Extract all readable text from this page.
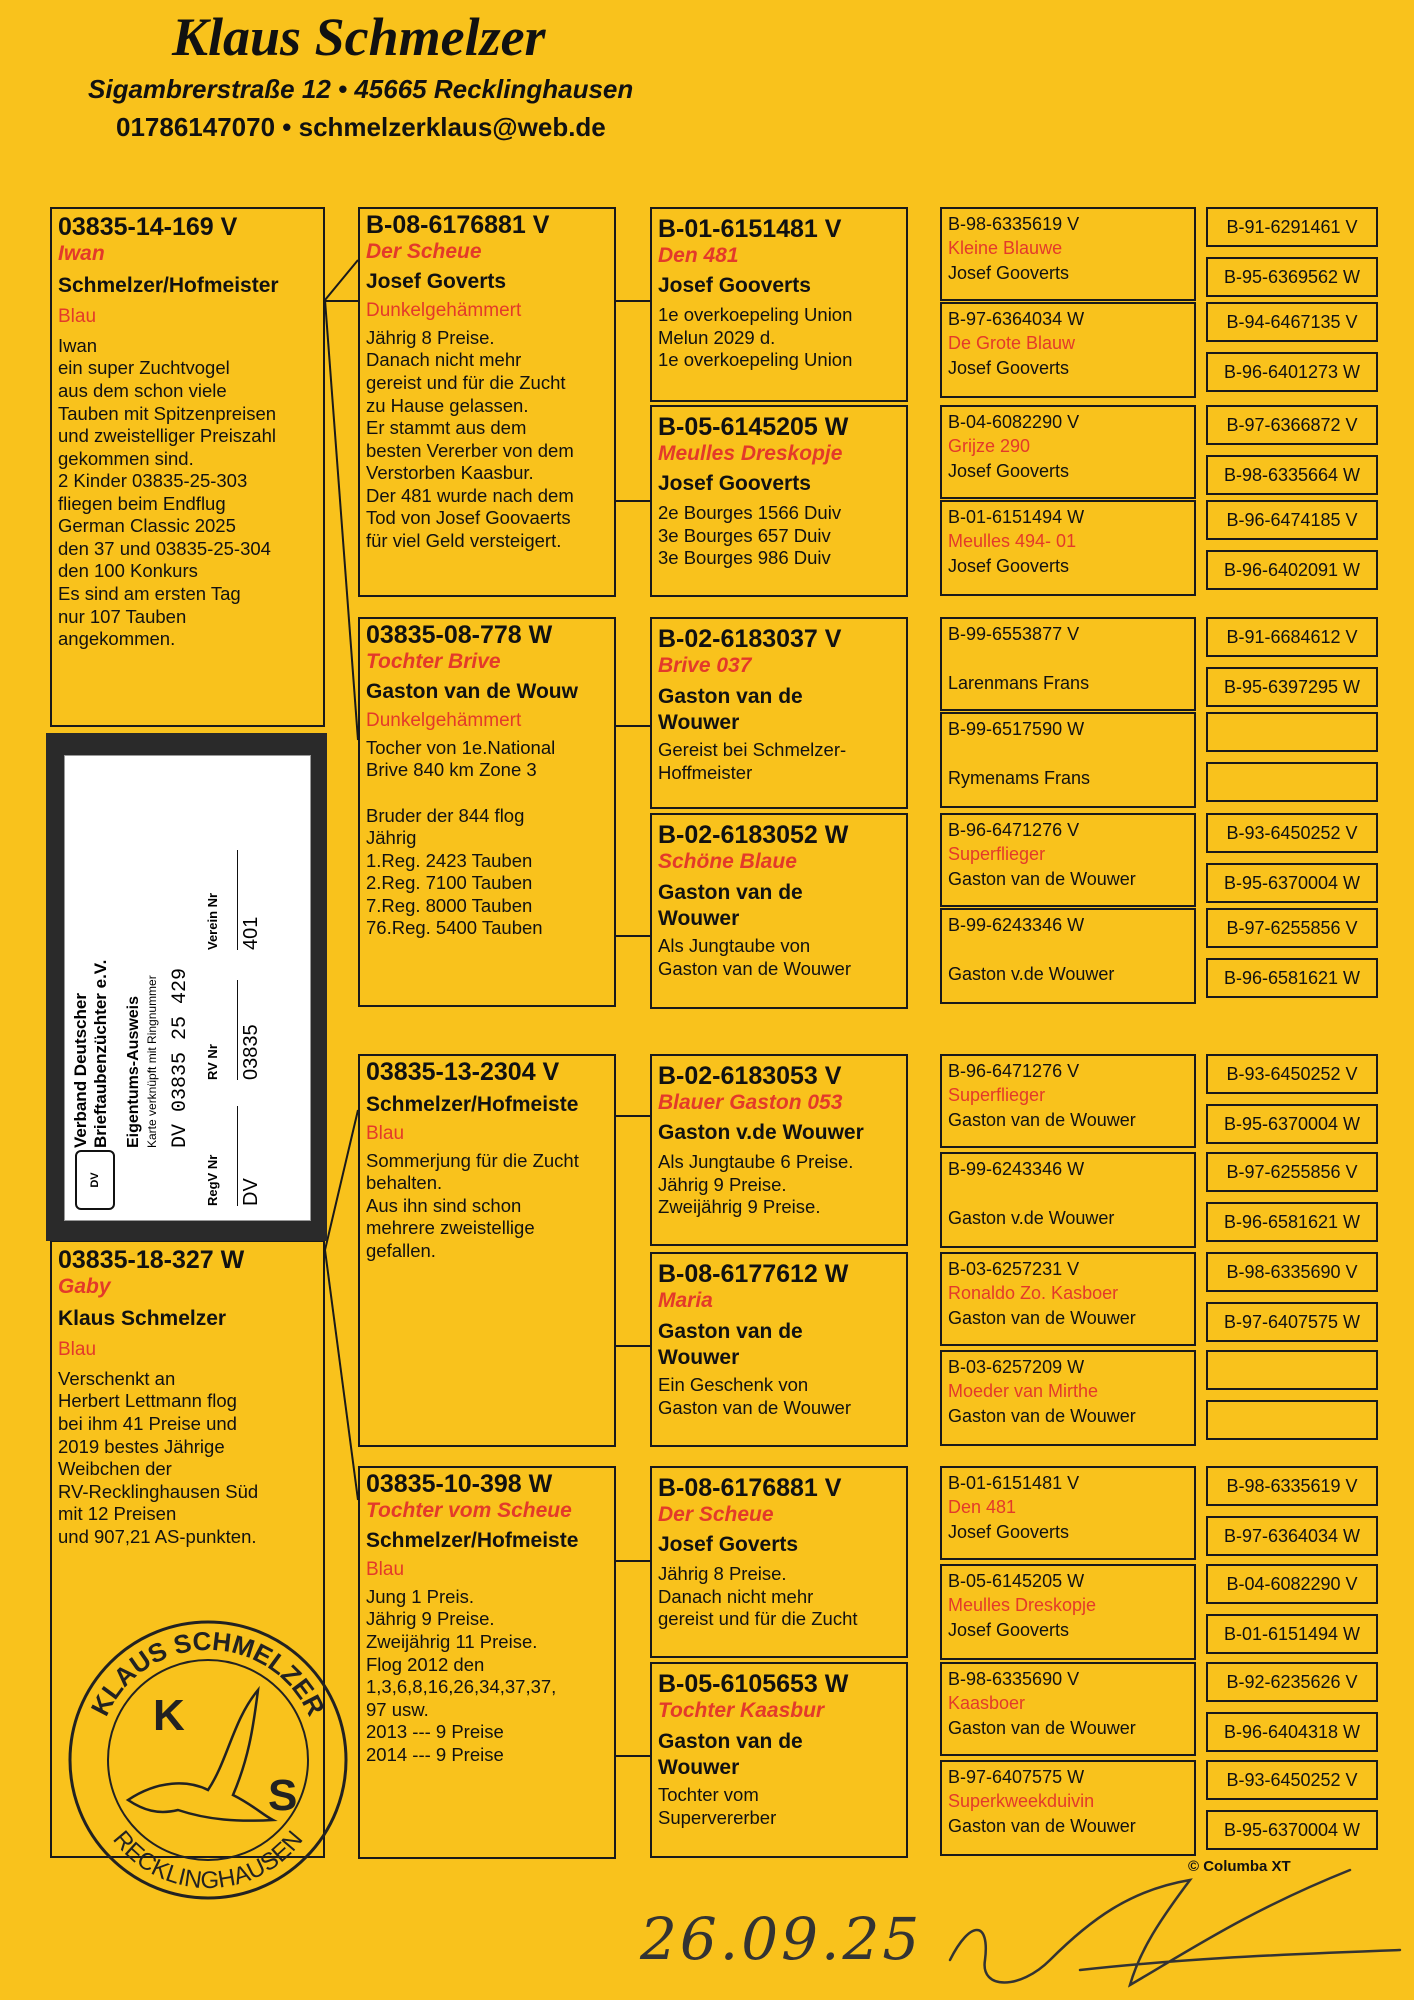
Klaus Schmelzer
Sigambrerstraße 12 • 45665 Recklinghausen
01786147070 • schmelzerklaus@web.de
03835-14-169 V
Iwan
Schmelzer/Hofmeister
Blau
Iwan
ein super Zuchtvogel
aus dem schon viele
Tauben mit Spitzenpreisen
und zweistelliger Preiszahl
gekommen sind.
2 Kinder 03835-25-303
fliegen beim Endflug
German Classic 2025
den 37 und 03835-25-304
den 100 Konkurs
Es sind am ersten Tag
nur 107 Tauben
angekommen.
03835-18-327 W
Gaby
Klaus Schmelzer
Blau
Verschenkt an
Herbert Lettmann flog
bei ihm 41 Preise und
2019 bestes Jährige
Weibchen der
RV-Recklinghausen Süd
mit 12 Preisen
und 907,21 AS-punkten.
B-08-6176881 V
Der Scheue
Josef Goverts
Dunkelgehämmert
Jährig 8 Preise.
Danach nicht mehr
gereist und für die Zucht
zu Hause gelassen.
Er stammt aus dem
besten Vererber von dem
Verstorben Kaasbur.
Der 481 wurde nach dem
Tod von Josef Goovaerts
für viel Geld versteigert.
03835-08-778 W
Tochter Brive
Gaston van de Wouw
Dunkelgehämmert
Tocher von 1e.National
Brive 840 km Zone 3

Bruder der 844 flog
Jährig
1.Reg. 2423 Tauben
2.Reg. 7100 Tauben
7.Reg. 8000 Tauben
76.Reg. 5400 Tauben
03835-13-2304 V
Schmelzer/Hofmeiste
Blau
Sommerjung für die Zucht
behalten.
Aus ihn sind schon
mehrere zweistellige
gefallen.
03835-10-398 W
Tochter vom Scheue
Schmelzer/Hofmeiste
Blau
Jung 1 Preis.
Jährig 9 Preise.
Zweijährig 11 Preise.
Flog 2012 den
1,3,6,8,16,26,34,37,37,
97 usw.
2013 --- 9 Preise
2014 --- 9 Preise
B-01-6151481 V
Den 481
Josef Gooverts
1e overkoepeling Union
Melun 2029 d.
1e overkoepeling Union
B-05-6145205 W
Meulles Dreskopje
Josef Gooverts
2e Bourges 1566 Duiv
3e Bourges 657 Duiv
3e Bourges 986 Duiv
B-02-6183037 V
Brive 037
Gaston van de
Wouwer
Gereist bei Schmelzer-
Hoffmeister
B-02-6183052 W
Schöne Blaue
Gaston van de
Wouwer
Als Jungtaube von
Gaston van de Wouwer
B-02-6183053 V
Blauer Gaston 053
Gaston v.de Wouwer
Als Jungtaube 6 Preise.
Jährig 9 Preise.
Zweijährig 9 Preise.
B-08-6177612 W
Maria
Gaston van de
Wouwer
Ein Geschenk von
Gaston van de Wouwer
B-08-6176881 V
Der Scheue
Josef Goverts
Jährig 8 Preise.
Danach nicht mehr
gereist und für die Zucht
B-05-6105653 W
Tochter Kaasbur
Gaston van de
Wouwer
Tochter vom
Supervererber
B-98-6335619 V
Kleine Blauwe
Josef Gooverts
B-97-6364034 W
De Grote Blauw
Josef Gooverts
B-04-6082290 V
Grijze 290
Josef Gooverts
B-01-6151494 W
Meulles 494- 01
Josef Gooverts
B-99-6553877 V
Larenmans Frans
B-99-6517590 W
Rymenams Frans
B-96-6471276 V
Superflieger
Gaston van de Wouwer
B-99-6243346 W
Gaston v.de Wouwer
B-96-6471276 V
Superflieger
Gaston van de Wouwer
B-99-6243346 W
Gaston v.de Wouwer
B-03-6257231 V
Ronaldo Zo. Kasboer
Gaston van de Wouwer
B-03-6257209 W
Moeder van Mirthe
Gaston van de Wouwer
B-01-6151481 V
Den 481
Josef Gooverts
B-05-6145205 W
Meulles Dreskopje
Josef Gooverts
B-98-6335690 V
Kaasboer
Gaston van de Wouwer
B-97-6407575 W
Superkweekduivin
Gaston van de Wouwer
B-91-6291461 V
B-95-6369562 W
B-94-6467135 V
B-96-6401273 W
B-97-6366872 V
B-98-6335664 W
B-96-6474185 V
B-96-6402091 W
B-91-6684612 V
B-95-6397295 W
B-93-6450252 V
B-95-6370004 W
B-97-6255856 V
B-96-6581621 W
B-93-6450252 V
B-95-6370004 W
B-97-6255856 V
B-96-6581621 W
B-98-6335690 V
B-97-6407575 W
B-98-6335619 V
B-97-6364034 W
B-04-6082290 V
B-01-6151494 W
B-92-6235626 V
B-96-6404318 W
B-93-6450252 V
B-95-6370004 W
DV
Verband Deutscher Brieftaubenzüchter e.V. Eigentums-Ausweis Karte verknüpft mit Ringnummer DV 03835 25 429
RegV Nr DV
RV Nr 03835
Verein Nr 401
KLAUS SCHMELZER
RECKLINGHAUSEN
K
S
© Columba XT
26.09.25
